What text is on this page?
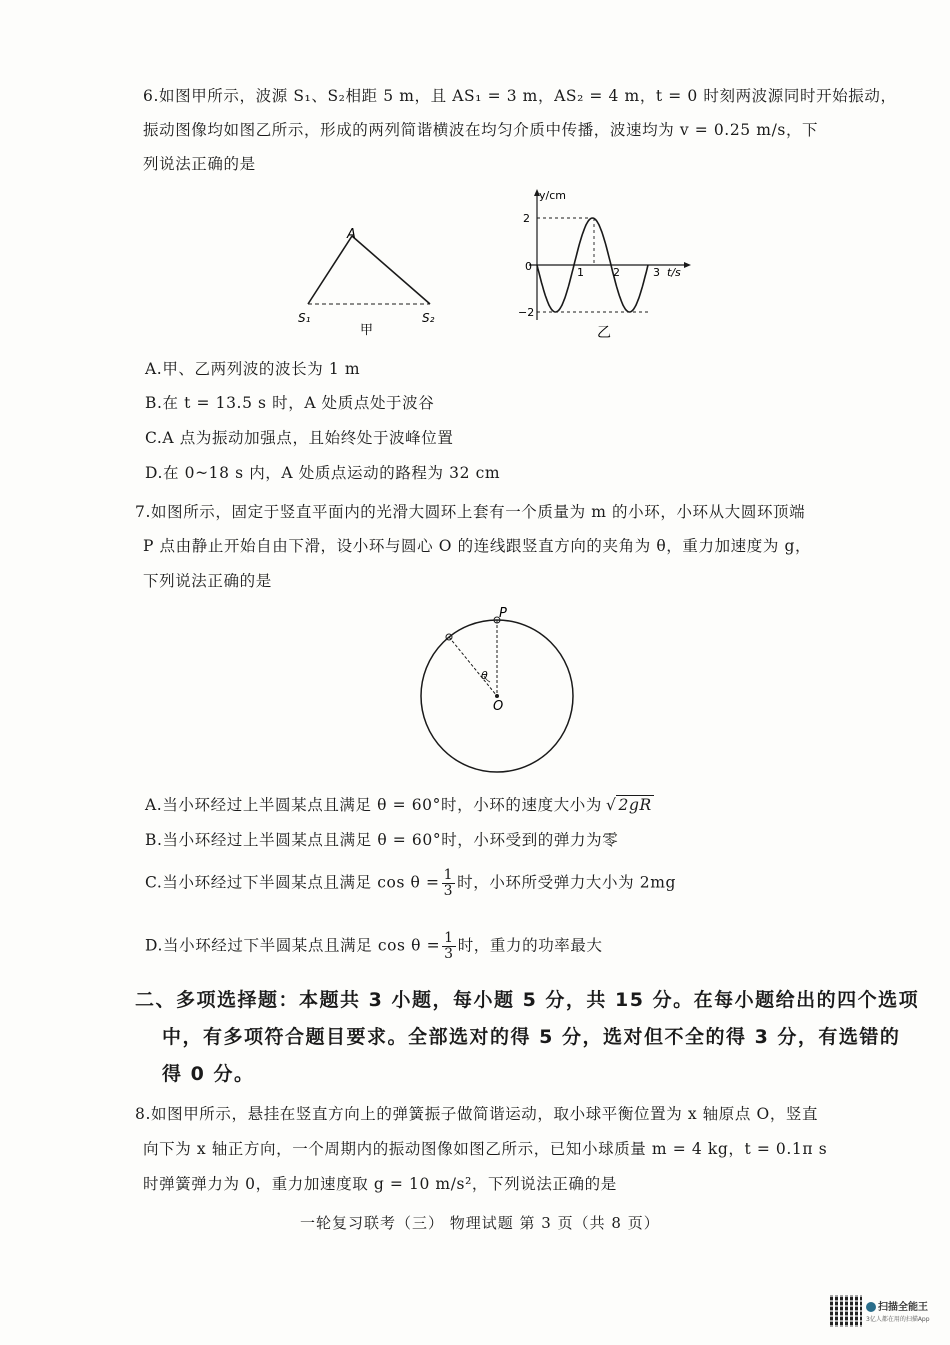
6.如图甲所示，波源 S₁、S₂相距 5 m，且 AS₁ = 3 m，AS₂ = 4 m，t = 0 时刻两波源同时开始振动，
振动图像均如图乙所示，形成的两列简谐横波在均匀介质中传播，波速均为 v = 0.25 m/s，下
列说法正确的是
A
S₁	S₂
甲
y/cm
2
0
−2
1	2	3 t/s
乙
A.甲、乙两列波的波长为 1 m
B.在 t = 13.5 s 时，A 处质点处于波谷
C.A 点为振动加强点，且始终处于波峰位置
D.在 0~18 s 内，A 处质点运动的路程为 32 cm
7.如图所示，固定于竖直平面内的光滑大圆环上套有一个质量为 m 的小环，小环从大圆环顶端
P 点由静止开始自由下滑，设小环与圆心 O 的连线跟竖直方向的夹角为 θ，重力加速度为 g，
下列说法正确的是
P
O
θ
A.当小环经过上半圆某点且满足 θ = 60°时，小环的速度大小为 √ 2gR
B.当小环经过上半圆某点且满足 θ = 60°时，小环受到的弹力为零
C.当小环经过下半圆某点且满足 $\cos \theta = \frac{1}{3}$ 时，小环所受弹力大小为 2mg
D.当小环经过下半圆某点且满足 $\cos \theta = \frac{1}{3}$ 时，重力的功率最大
二、多项选择题：本题共 3 小题，每小题 5 分，共 15 分。在每小题给出的四个选项
中，有多项符合题目要求。全部选对的得 5 分，选对但不全的得 3 分，有选错的
得 0 分。
8.如图甲所示，悬挂在竖直方向上的弹簧振子做简谐运动，取小球平衡位置为 x 轴原点 O，竖直
向下为 x 轴正方向，一个周期内的振动图像如图乙所示，已知小球质量 m = 4 kg，t = 0.1π s
时弹簧弹力为 0，重力加速度取 g = 10 m/s²，下列说法正确的是
一轮复习联考（三） 物理试题 第 3 页（共 8 页）
扫描全能王
3亿人都在用的扫描App
